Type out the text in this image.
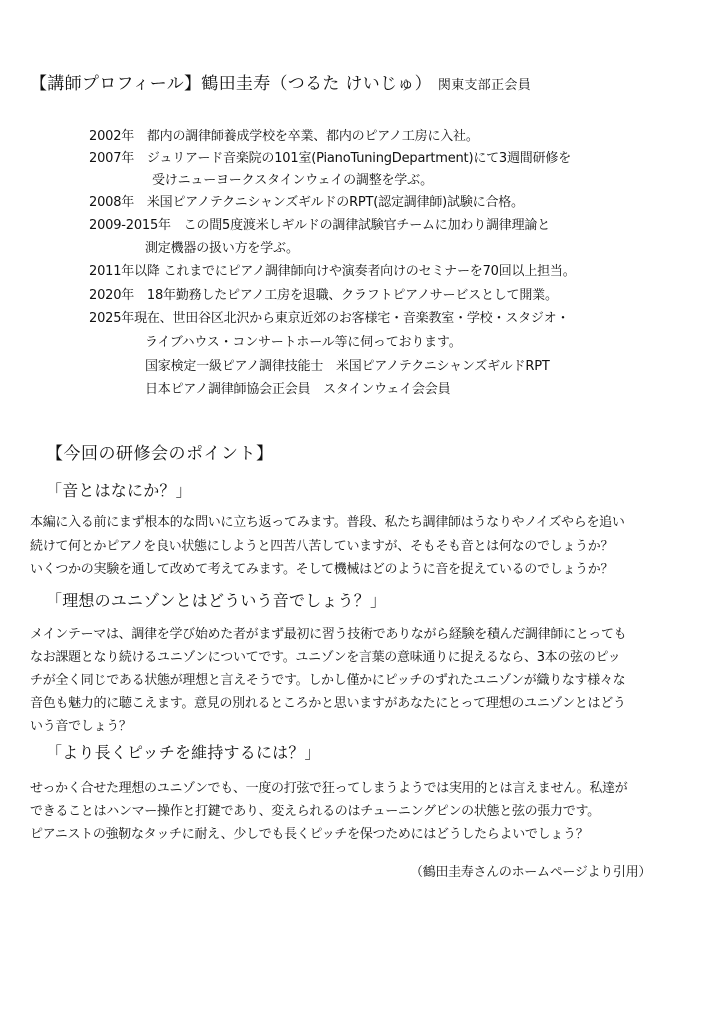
【講師プロフィール】鶴田圭寿（つるた けいじゅ） 関東支部正会員
2002年　都内の調律師養成学校を卒業、都内のピアノ工房に入社。
2007年　ジュリアード音楽院の101室(PianoTuningDepartment)にて3週間研修を
受けニューヨークスタインウェイの調整を学ぶ。
2008年　米国ピアノテクニシャンズギルドのRPT(認定調律師)試験に合格。
2009-2015年　この間5度渡米しギルドの調律試験官チームに加わり調律理論と
測定機器の扱い方を学ぶ。
2011年以降 これまでにピアノ調律師向けや演奏者向けのセミナーを70回以上担当。
2020年　18年勤務したピアノ工房を退職、クラフトピアノサービスとして開業。
2025年現在、世田谷区北沢から東京近郊のお客様宅・音楽教室・学校・スタジオ・
ライブハウス・コンサートホール等に伺っております。
国家検定一級ピアノ調律技能士　米国ピアノテクニシャンズギルドRPT
日本ピアノ調律師協会正会員　スタインウェイ会会員
【今回の研修会のポイント】
「音とはなにか？」
本編に入る前にまず根本的な問いに立ち返ってみます。普段、私たち調律師はうなりやノイズやらを追い
続けて何とかピアノを良い状態にしようと四苦八苦していますが、そもそも音とは何なのでしょうか？
いくつかの実験を通して改めて考えてみます。そして機械はどのように音を捉えているのでしょうか？
「理想のユニゾンとはどういう音でしょう？」
メインテーマは、調律を学び始めた者がまず最初に習う技術でありながら経験を積んだ調律師にとっても
なお課題となり続けるユニゾンについてです。ユニゾンを言葉の意味通りに捉えるなら、3本の弦のピッ
チが全く同じである状態が理想と言えそうです。しかし僅かにピッチのずれたユニゾンが織りなす様々な
音色も魅力的に聴こえます。意見の別れるところかと思いますがあなたにとって理想のユニゾンとはどう
いう音でしょう？
「より長くピッチを維持するには？」
せっかく合せた理想のユニゾンでも、一度の打弦で狂ってしまうようでは実用的とは言えません。私達が
できることはハンマー操作と打鍵であり、変えられるのはチューニングピンの状態と弦の張力です。
ピアニストの強靭なタッチに耐え、少しでも長くピッチを保つためにはどうしたらよいでしょう？
（鶴田圭寿さんのホームページより引用）
